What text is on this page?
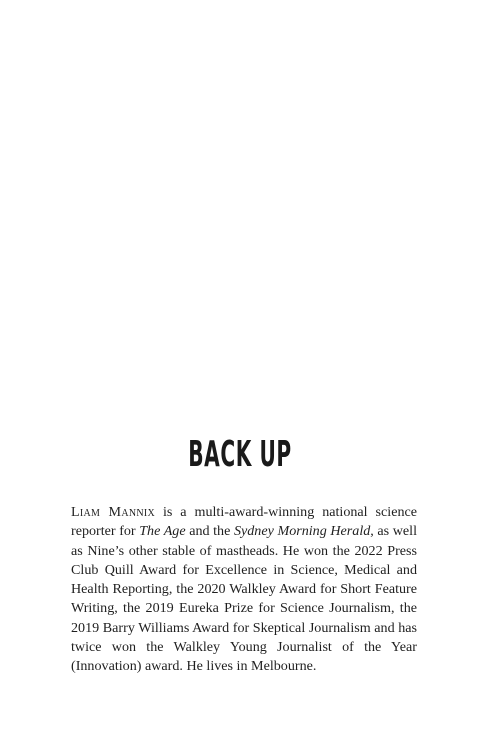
BACK UP

Liam Mannix is a multi-award-winning national science reporter for The Age and the Sydney Morning Herald, as well as Nine’s other stable of mastheads. He won the 2022 Press Club Quill Award for Excellence in Science, Medical and Health Reporting, the 2020 Walkley Award for Short Feature Writing, the 2019 Eureka Prize for Science Journalism, the 2019 Barry Williams Award for Skeptical Journalism and has twice won the Walkley Young Journalist of the Year (Innovation) award. He lives in Melbourne.
